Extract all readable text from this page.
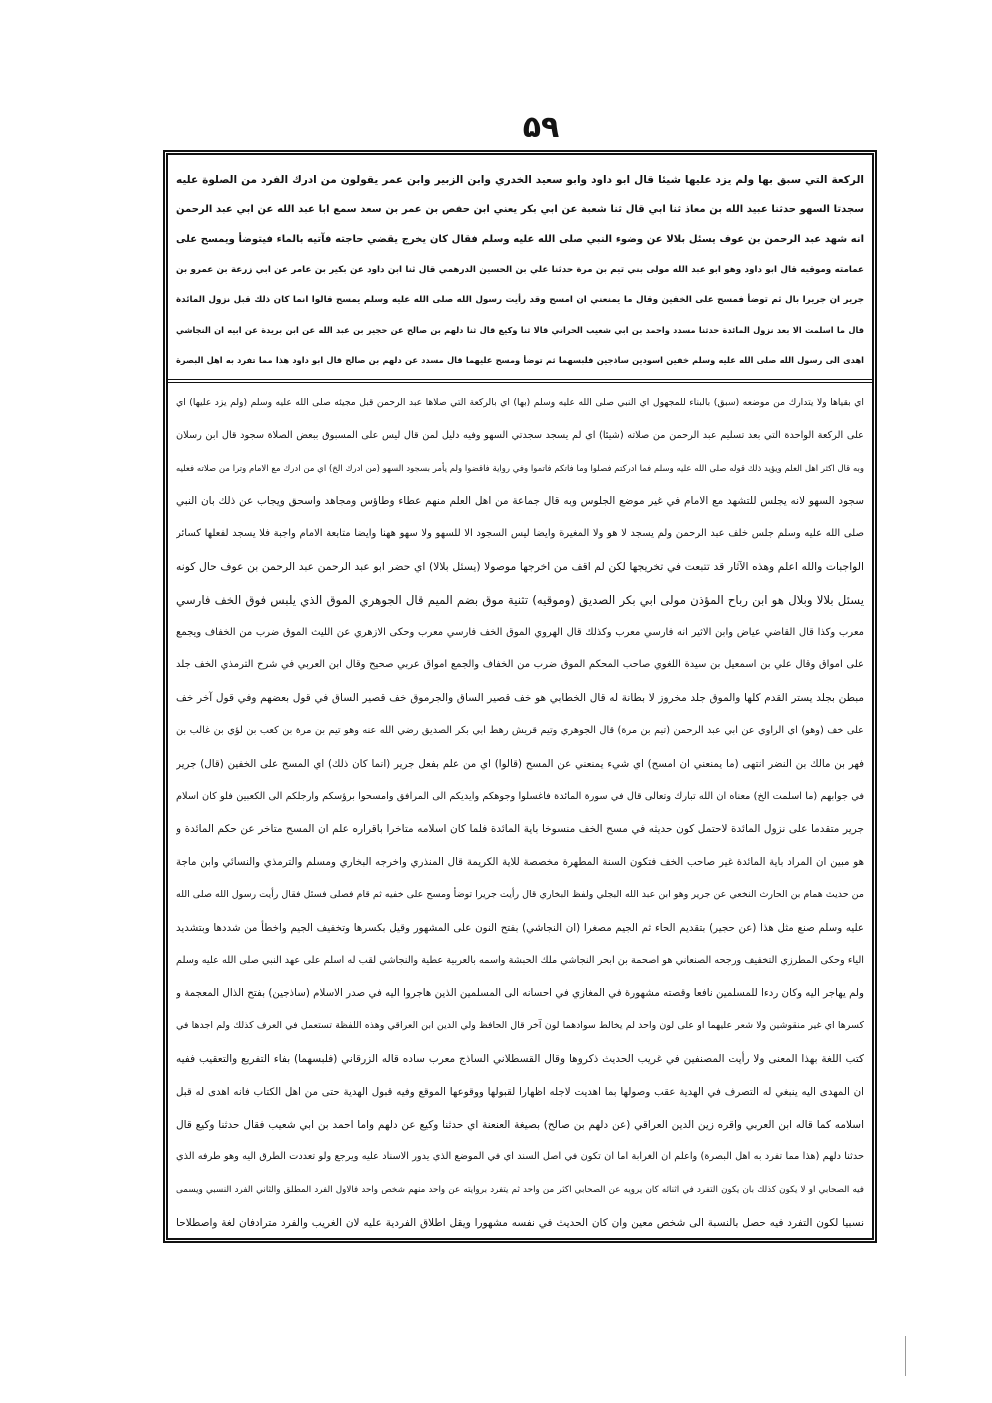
۵۹
الركعة التي سبق بها ولم يزد عليها شيئا قال ابو داود وابو سعيد الخدري وابن الزبير وابن عمر يقولون من ادرك الفرد من الصلوة عليه
سجدتا السهو حدثنا عبيد الله بن معاذ ثنا ابي قال ثنا شعبة عن ابي بكر يعني ابن حفص بن عمر بن سعد سمع ابا عبد الله عن ابي عبد الرحمن
انه شهد عبد الرحمن بن عوف يسئل بلالا عن وضوء النبي صلى الله عليه وسلم فقال كان يخرج يقضي حاجته فآتيه بالماء فيتوضأ ويمسح على
عمامته وموقيه قال ابو داود وهو ابو عبد الله مولى بني تيم بن مرة حدثنا علي بن الحسين الدرهمي قال ثنا ابن داود عن بكير بن عامر عن ابي زرعة بن عمرو بن
جرير ان جريرا بال ثم توضأ فمسح على الخفين وقال ما يمنعني ان امسح وقد رأيت رسول الله صلى الله عليه وسلم يمسح قالوا انما كان ذلك قبل نزول المائدة
قال ما اسلمت الا بعد نزول المائدة حدثنا مسدد واحمد بن ابي شعيب الحراني قالا ثنا وكيع قال ثنا دلهم بن صالح عن حجير بن عبد الله عن ابن بريدة عن ابيه ان النجاشي
اهدى الى رسول الله صلى الله عليه وسلم خفين اسودين ساذجين فلبسهما ثم توضأ ومسح عليهما قال مسدد عن دلهم بن صالح قال ابو داود هذا مما تفرد به اهل البصرة
اي بقياها ولا يتدارك من موضعه (سبق) بالبناء للمجهول اي النبي صلى الله عليه وسلم (بها) اي بالركعة التي صلاها عبد الرحمن قبل مجيئه صلى الله عليه وسلم (ولم يزد عليها) اي
على الركعة الواحدة التي بعد تسليم عبد الرحمن من صلاته (شيئا) اي لم يسجد سجدتي السهو وفيه دليل لمن قال ليس على المسبوق ببعض الصلاة سجود قال ابن رسلان
وبه قال اكثر اهل العلم ويؤيد ذلك قوله صلى الله عليه وسلم فما ادركتم فصلوا وما فاتكم فاتموا وفي رواية فاقضوا ولم يأمر بسجود السهو (من ادرك الخ) اي من ادرك مع الامام وترا من صلاته فعليه
سجود السهو لانه يجلس للتشهد مع الامام في غير موضع الجلوس وبه قال جماعة من اهل العلم منهم عطاء وطاؤس ومجاهد واسحق ويجاب عن ذلك بان النبي
صلى الله عليه وسلم جلس خلف عبد الرحمن ولم يسجد لا هو ولا المغيرة وايضا ليس السجود الا للسهو ولا سهو ههنا وايضا متابعة الامام واجبة فلا يسجد لفعلها كسائر
الواجبات والله اعلم وهذه الآثار قد تتبعت في تخريجها لكن لم اقف من اخرجها موصولا (يسئل بلالا) اي حضر ابو عبد الرحمن عبد الرحمن بن عوف حال كونه
يسئل بلالا وبلال هو ابن رباح المؤذن مولى ابي بكر الصديق (وموقيه) تثنية موق بضم الميم قال الجوهري الموق الذي يلبس فوق الخف فارسي
معرب وكذا قال القاضي عياض وابن الاثير انه فارسي معرب وكذلك قال الهروي الموق الخف فارسي معرب وحكى الازهري عن الليث الموق ضرب من الخفاف ويجمع
على امواق وقال علي بن اسمعيل بن سيدة اللغوي صاحب المحكم الموق ضرب من الخفاف والجمع امواق عربي صحيح وقال ابن العربي في شرح الترمذي الخف جلد
مبطن بجلد يستر القدم كلها والموق جلد مخروز لا بطانة له قال الخطابي هو خف قصير الساق والجرموق خف قصير الساق في قول بعضهم وفي قول آخر خف
على خف (وهو) اي الراوي عن ابي عبد الرحمن (تيم بن مرة) قال الجوهري وتيم قريش رهط ابي بكر الصديق رضي الله عنه وهو تيم بن مرة بن كعب بن لؤي بن غالب بن
فهر بن مالك بن النضر انتهى (ما يمنعني ان امسح) اي شيء يمنعني عن المسح (قالوا) اي من علم بفعل جرير (انما كان ذلك) اي المسح على الخفين (قال) جرير
في جوابهم (ما اسلمت الخ) معناه ان الله تبارك وتعالى قال في سورة المائدة فاغسلوا وجوهكم وايديكم الى المرافق وامسحوا برؤسكم وارجلكم الى الكعبين فلو كان اسلام
جرير متقدما على نزول المائدة لاحتمل كون حديثه في مسح الخف منسوخا باية المائدة فلما كان اسلامه متاخرا باقراره علم ان المسح متاخر عن حكم المائدة و
هو مبين ان المراد باية المائدة غير صاحب الخف فتكون السنة المطهرة مخصصة للاية الكريمة قال المنذري واخرجه البخاري ومسلم والترمذي والنسائي وابن ماجة
من حديث همام بن الحارث النخعي عن جرير وهو ابن عبد الله البجلي ولفظ البخاري قال رأيت جريرا توضأ ومسح على خفيه ثم قام فصلى فسئل فقال رأيت رسول الله صلى الله
عليه وسلم صنع مثل هذا (عن حجير) بتقديم الحاء ثم الجيم مصغرا (ان النجاشي) بفتح النون على المشهور وقيل بكسرها وتخفيف الجيم واخطأ من شددها وبتشديد
الياء وحكى المطرزي التخفيف ورجحه الصنعاني هو اصحمة بن ابحر النجاشي ملك الحبشة واسمه بالعربية عطية والنجاشي لقب له اسلم على عهد النبي صلى الله عليه وسلم
ولم يهاجر اليه وكان ردءا للمسلمين نافعا وقصته مشهورة في المغازي في احسانه الى المسلمين الذين هاجروا اليه في صدر الاسلام (ساذجين) بفتح الذال المعجمة و
كسرها اي غير منقوشين ولا شعر عليهما او على لون واحد لم يخالط سوادهما لون آخر قال الحافظ ولي الدين ابن العراقي وهذه اللفظة تستعمل في العرف كذلك ولم اجدها في
كتب اللغة بهذا المعنى ولا رأيت المصنفين في غريب الحديث ذكروها وقال القسطلاني الساذج معرب ساده قاله الزرقاني (فلبسهما) بفاء التفريع والتعقيب ففيه
ان المهدى اليه ينبغي له التصرف في الهدية عقب وصولها بما اهديت لاجله اظهارا لقبولها ووقوعها الموقع وفيه قبول الهدية حتى من اهل الكتاب فانه اهدى له قبل
اسلامه كما قاله ابن العربي واقره زين الدين العراقي (عن دلهم بن صالح) بصيغة العنعنة اي حدثنا وكيع عن دلهم واما احمد بن ابي شعيب فقال حدثنا وكيع قال
حدثنا دلهم (هذا مما تفرد به اهل البصرة) واعلم ان الغرابة اما ان تكون في اصل السند اي في الموضع الذي يدور الاسناد عليه ويرجع ولو تعددت الطرق اليه وهو طرفه الذي
فيه الصحابي او لا يكون كذلك بان يكون التفرد في اثنائه كان يرويه عن الصحابي اكثر من واحد ثم يتفرد بروايته عن واحد منهم شخص واحد فالاول الفرد المطلق والثاني الفرد النسبي ويسمى
نسبيا لكون التفرد فيه حصل بالنسبة الى شخص معين وان كان الحديث في نفسه مشهورا ويقل اطلاق الفردية عليه لان الغريب والفرد مترادفان لغة واصطلاحا
